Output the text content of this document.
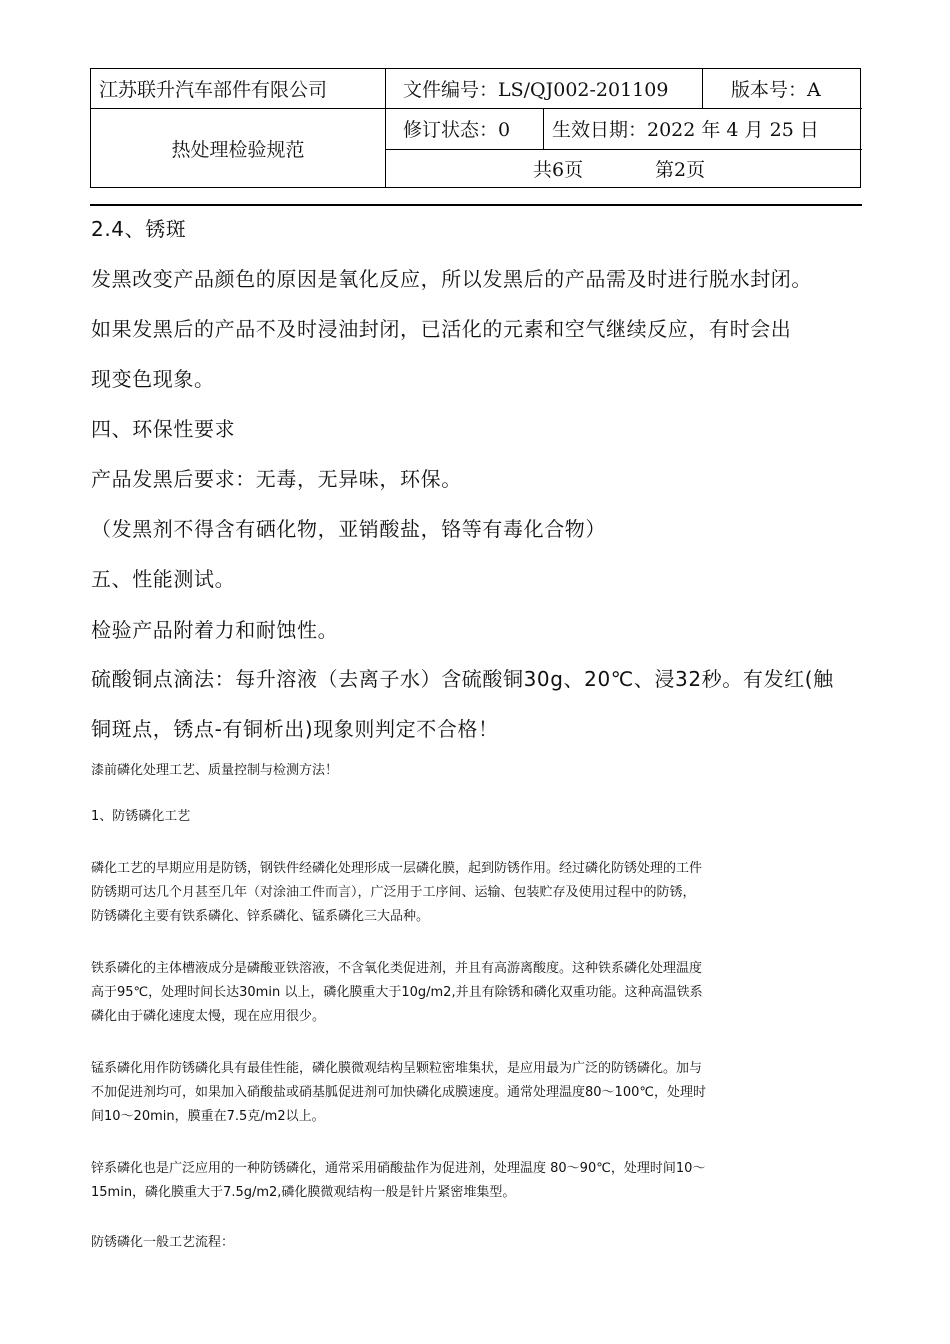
江苏联升汽车部件有限公司	文件编号：LS/QJ002-201109	版本号：A
热处理检验规范
修订状态：0 生效日期：2022 年 4 月 25 日
共6页	第2页
2.4、锈斑
发黑改变产品颜色的原因是氧化反应，所以发黑后的产品需及时进行脱水封闭。
如果发黑后的产品不及时浸油封闭，已活化的元素和空气继续反应，有时会出
现变色现象。
四、环保性要求
产品发黑后要求：无毒，无异味，环保。
（发黑剂不得含有硒化物，亚销酸盐，铬等有毒化合物）
五、性能测试。
检验产品附着力和耐蚀性。
硫酸铜点滴法：每升溶液（去离子水）含硫酸铜30g、20℃、浸32秒。有发红(触
铜斑点，锈点-有铜析出)现象则判定不合格！
漆前磷化处理工艺、质量控制与检测方法！
1、防锈磷化工艺
磷化工艺的早期应用是防锈，钢铁件经磷化处理形成一层磷化膜，起到防锈作用。经过磷化防锈处理的工件
防锈期可达几个月甚至几年（对涂油工件而言），广泛用于工序间、运输、包装贮存及使用过程中的防锈，
防锈磷化主要有铁系磷化、锌系磷化、锰系磷化三大品种。
铁系磷化的主体槽液成分是磷酸亚铁溶液，不含氧化类促进剂，并且有高游离酸度。这种铁系磷化处理温度
高于95℃，处理时间长达30min 以上，磷化膜重大于10g/m2,并且有除锈和磷化双重功能。这种高温铁系
磷化由于磷化速度太慢，现在应用很少。
锰系磷化用作防锈磷化具有最佳性能，磷化膜微观结构呈颗粒密堆集状，是应用最为广泛的防锈磷化。加与
不加促进剂均可，如果加入硝酸盐或硝基胍促进剂可加快磷化成膜速度。通常处理温度80～100℃，处理时
间10～20min，膜重在7.5克/m2以上。
锌系磷化也是广泛应用的一种防锈磷化，通常采用硝酸盐作为促进剂，处理温度 80～90℃，处理时间10～
15min，磷化膜重大于7.5g/m2,磷化膜微观结构一般是针片紧密堆集型。
防锈磷化一般工艺流程：
